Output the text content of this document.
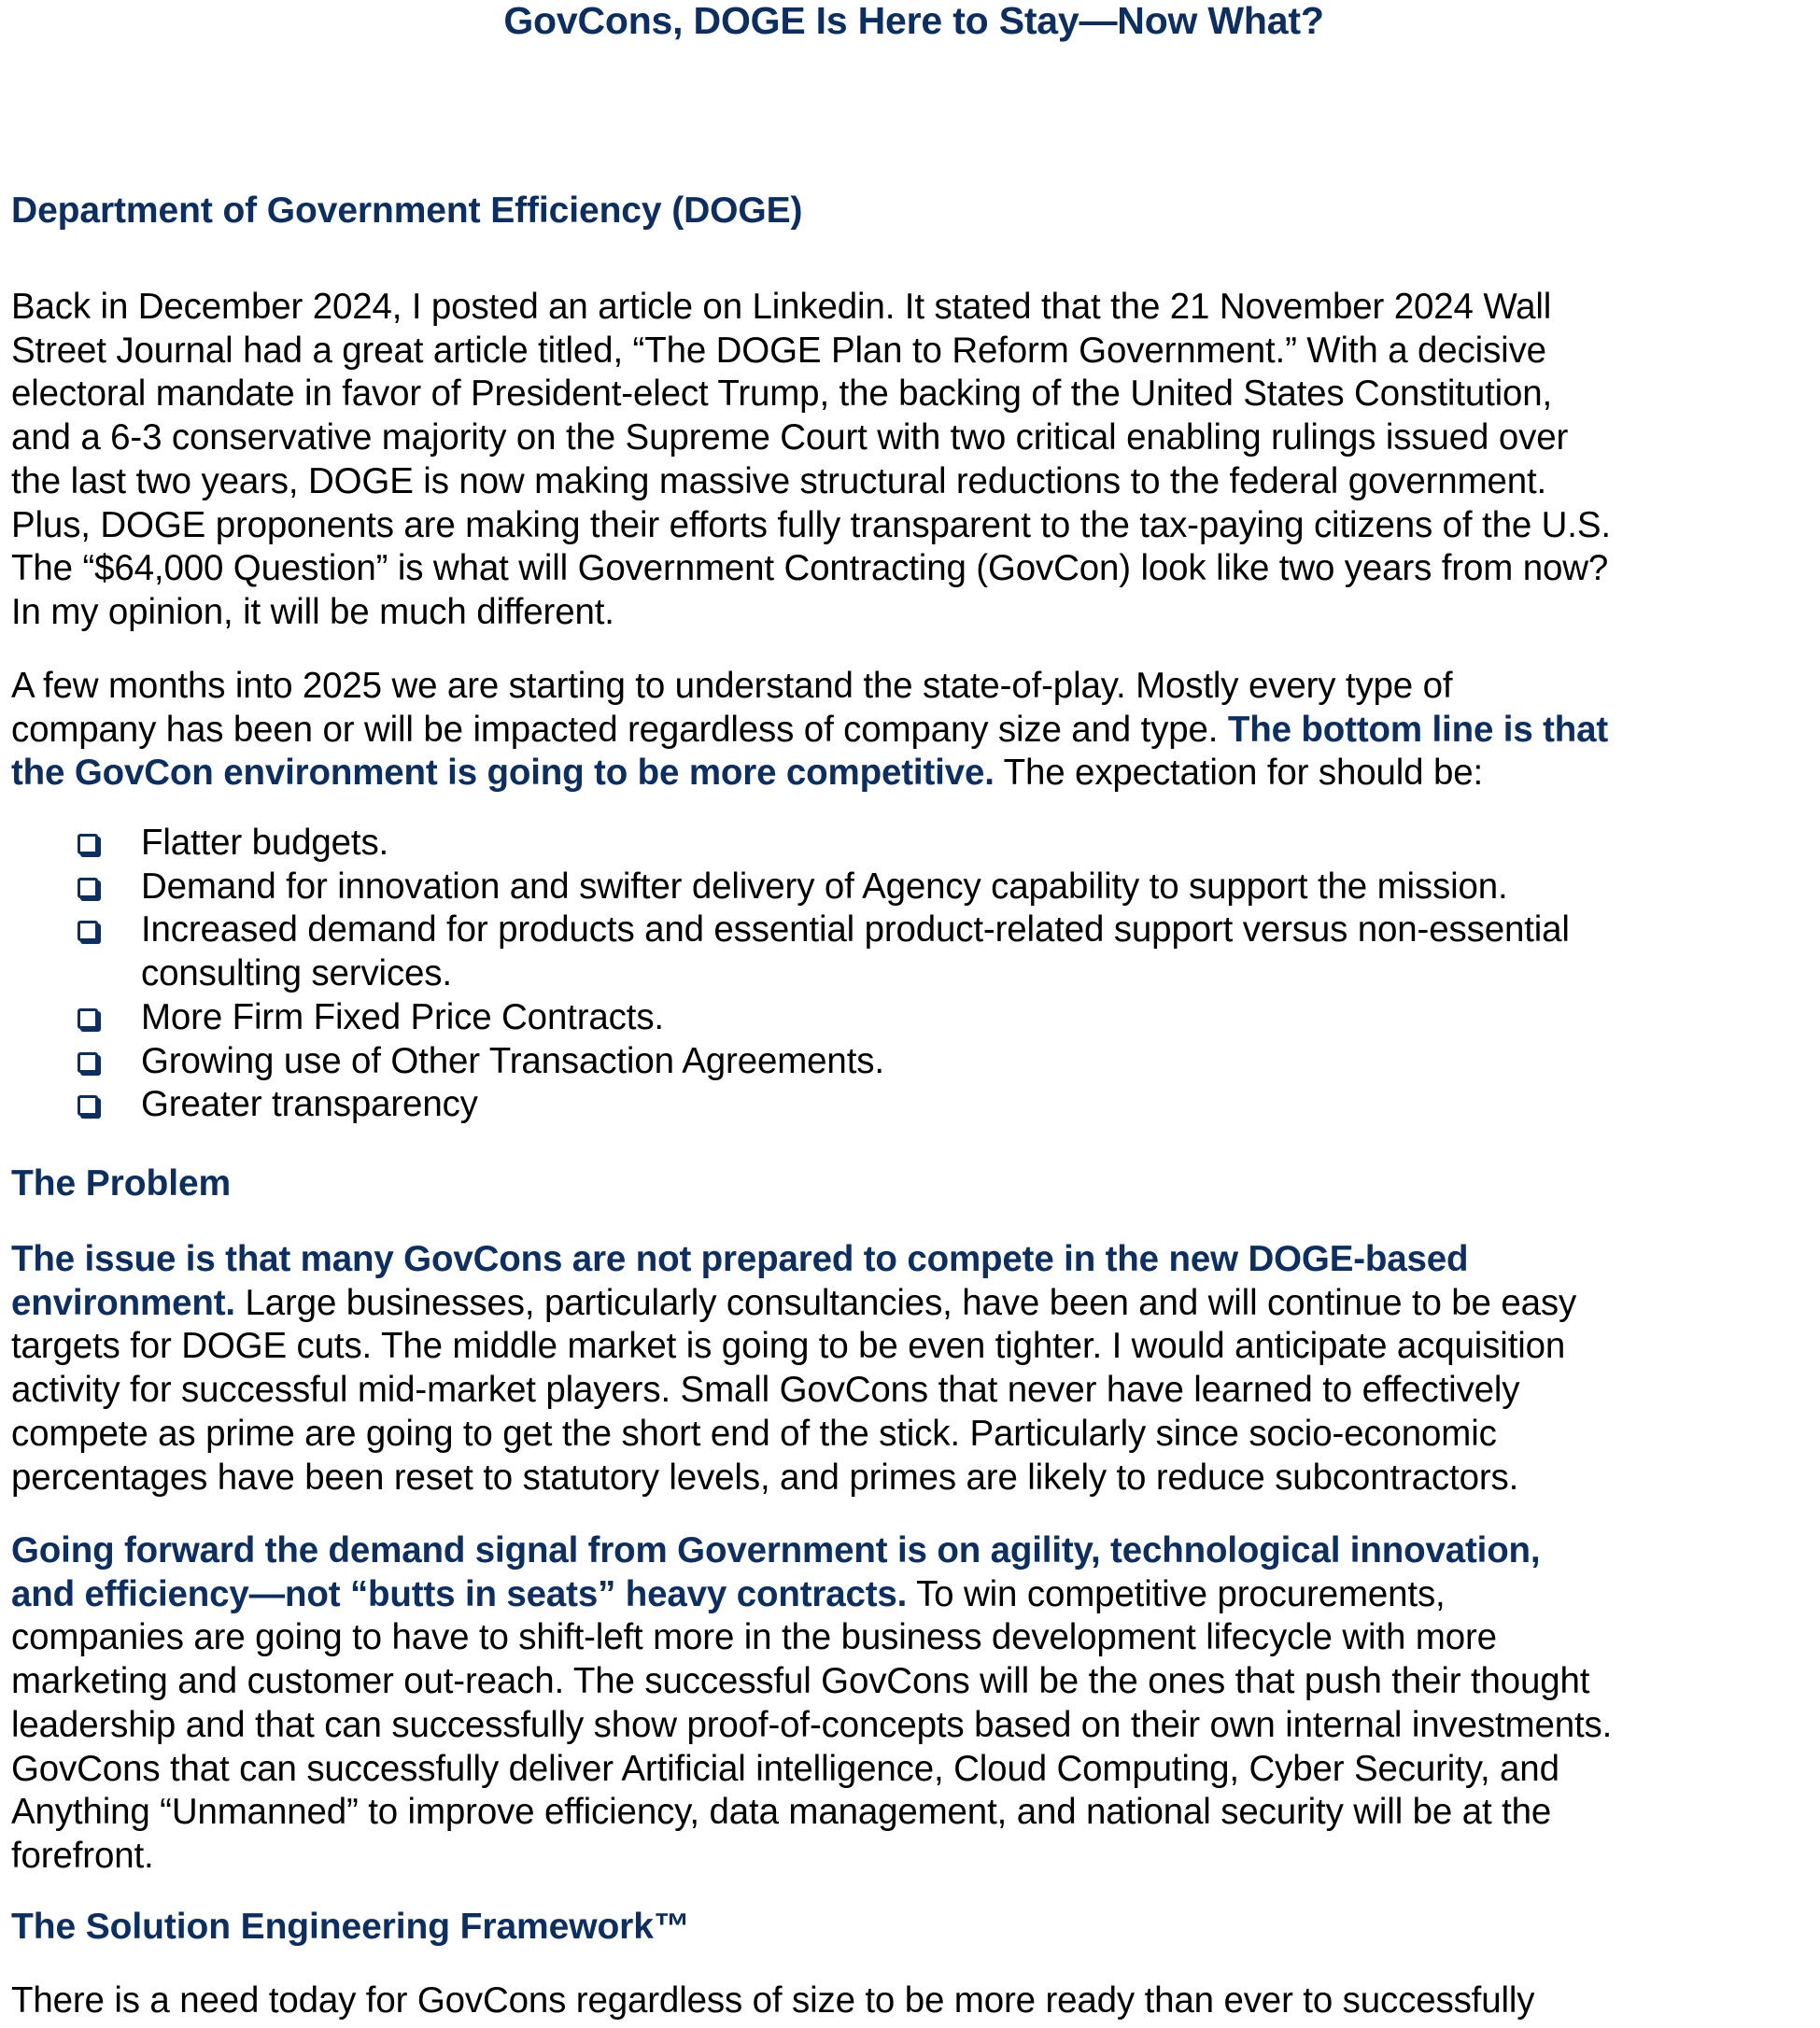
GovCons, DOGE Is Here to Stay—Now What?
Department of Government Efficiency (DOGE)
Back in December 2024, I posted an article on Linkedin. It stated that the 21 November 2024 Wall
Street Journal had a great article titled, “The DOGE Plan to Reform Government.” With a decisive
electoral mandate in favor of President-elect Trump, the backing of the United States Constitution,
and a 6-3 conservative majority on the Supreme Court with two critical enabling rulings issued over
the last two years, DOGE is now making massive structural reductions to the federal government.
Plus, DOGE proponents are making their efforts fully transparent to the tax-paying citizens of the U.S.
The “$64,000 Question” is what will Government Contracting (GovCon) look like two years from now?
In my opinion, it will be much different.
A few months into 2025 we are starting to understand the state-of-play. Mostly every type of
company has been or will be impacted regardless of company size and type. The bottom line is that
the GovCon environment is going to be more competitive. The expectation for should be:
Flatter budgets.
Demand for innovation and swifter delivery of Agency capability to support the mission.
Increased demand for products and essential product-related support versus non-essential
consulting services.
More Firm Fixed Price Contracts.
Growing use of Other Transaction Agreements.
Greater transparency
The Problem
The issue is that many GovCons are not prepared to compete in the new DOGE-based
environment. Large businesses, particularly consultancies, have been and will continue to be easy
targets for DOGE cuts. The middle market is going to be even tighter. I would anticipate acquisition
activity for successful mid-market players. Small GovCons that never have learned to effectively
compete as prime are going to get the short end of the stick. Particularly since socio-economic
percentages have been reset to statutory levels, and primes are likely to reduce subcontractors.
Going forward the demand signal from Government is on agility, technological innovation,
and efficiency—not “butts in seats” heavy contracts. To win competitive procurements,
companies are going to have to shift-left more in the business development lifecycle with more
marketing and customer out-reach. The successful GovCons will be the ones that push their thought
leadership and that can successfully show proof-of-concepts based on their own internal investments.
GovCons that can successfully deliver Artificial intelligence, Cloud Computing, Cyber Security, and
Anything “Unmanned” to improve efficiency, data management, and national security will be at the
forefront.
The Solution Engineering Framework™
There is a need today for GovCons regardless of size to be more ready than ever to successfully
